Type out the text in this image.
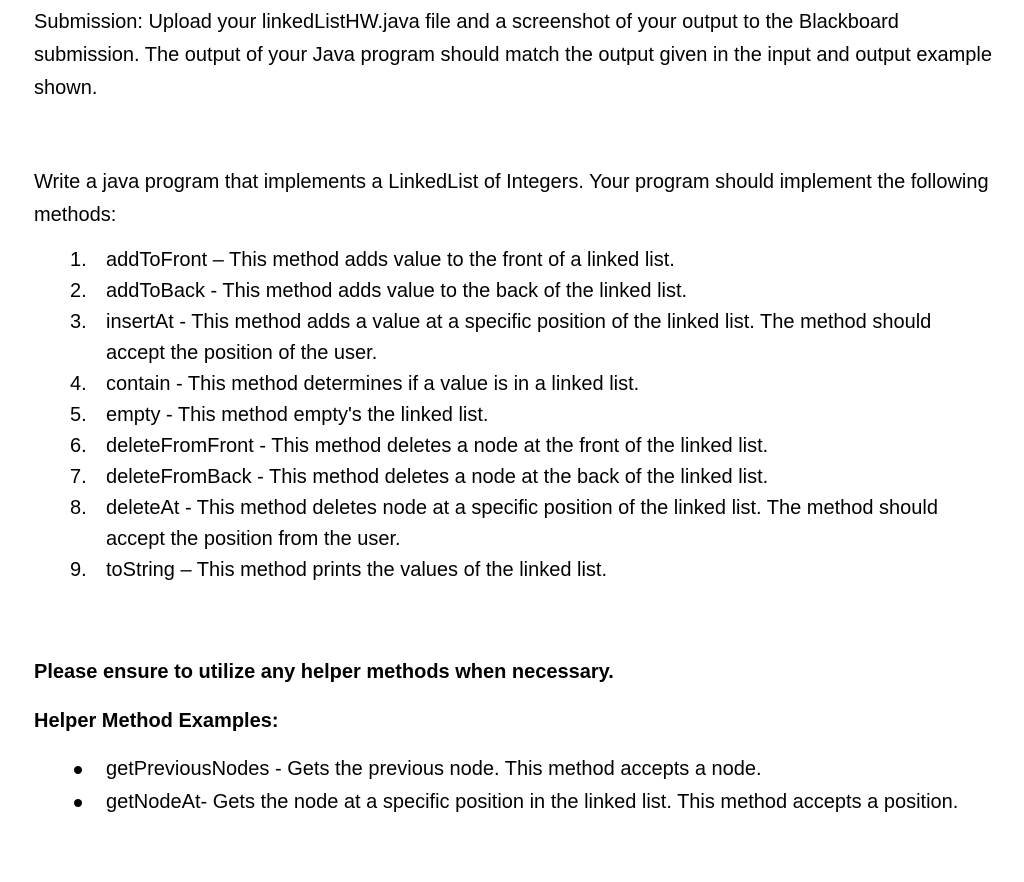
Submission: Upload your linkedListHW.java file and a screenshot of your output to the Blackboard submission. The output of your Java program should match the output given in the input and output example shown.

Write a java program that implements a LinkedList of Integers. Your program should implement the following methods:

1. addToFront – This method adds value to the front of a linked list.
2. addToBack - This method adds value to the back of the linked list.
3. insertAt - This method adds a value at a specific position of the linked list. The method should accept the position of the user.
4. contain - This method determines if a value is in a linked list.
5. empty - This method empty's the linked list.
6. deleteFromFront - This method deletes a node at the front of the linked list.
7. deleteFromBack - This method deletes a node at the back of the linked list.
8. deleteAt - This method deletes node at a specific position of the linked list. The method should accept the position from the user.
9. toString – This method prints the values of the linked list.

Please ensure to utilize any helper methods when necessary.

Helper Method Examples:

getPreviousNodes - Gets the previous node. This method accepts a node.
getNodeAt- Gets the node at a specific position in the linked list. This method accepts a position.
